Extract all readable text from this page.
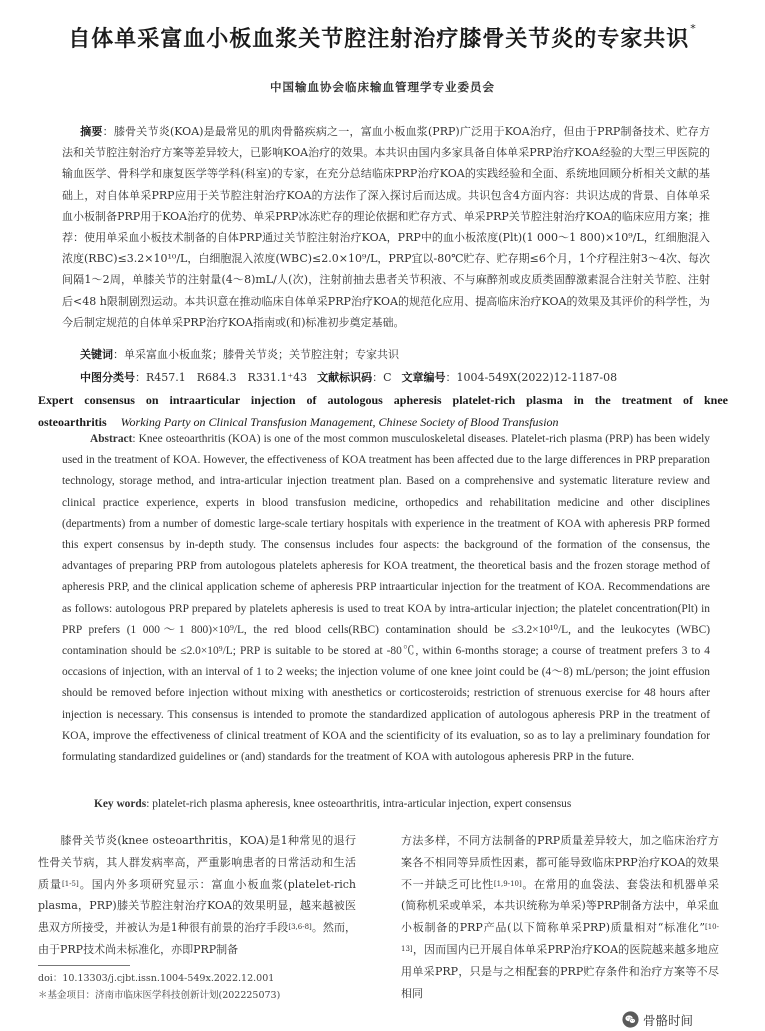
自体单采富血小板血浆关节腔注射治疗膝骨关节炎的专家共识*
中国输血协会临床输血管理学专业委员会
摘要：膝骨关节炎(KOA)是最常见的肌肉骨骼疾病之一，富血小板血浆(PRP)广泛用于KOA治疗，但由于PRP制备技术、贮存方法和关节腔注射治疗方案等差异较大，已影响KOA治疗的效果。本共识由国内多家具备自体单采PRP治疗KOA经验的大型三甲医院的输血医学、骨科学和康复医学等学科(科室)的专家，在充分总结临床PRP治疗KOA的实践经验和全面、系统地回顾分析相关文献的基础上，对自体单采PRP应用于关节腔注射治疗KOA的方法作了深入探讨后而达成。共识包含4方面内容：共识达成的背景、自体单采血小板制备PRP用于KOA治疗的优势、单采PRP冰冻贮存的理论依据和贮存方式、单采PRP关节腔注射治疗KOA的临床应用方案；推荐：使用单采血小板技术制备的自体PRP通过关节腔注射治疗KOA，PRP中的血小板浓度(Plt)(1 000～1 800)×10⁹/L，红细胞混入浓度(RBC)≤3.2×10¹⁰/L，白细胞混入浓度(WBC)≤2.0×10⁹/L，PRP宜以-80℃贮存、贮存期≤6个月，1个疗程注射3～4次、每次间隔1～2周，单膝关节的注射量(4～8)mL/人(次)，注射前抽去患者关节积液、不与麻醉剂或皮质类固醇激素混合注射关节腔、注射后<48 h限制剧烈运动。本共识意在推动临床自体单采PRP治疗KOA的规范化应用、提高临床治疗KOA的效果及其评价的科学性，为今后制定规范的自体单采PRP治疗KOA指南或(和)标准初步奠定基础。
关键词：单采富血小板血浆；膝骨关节炎；关节腔注射；专家共识
中图分类号：R457.1　R684.3　R331.1⁺43 文献标识码：C 文章编号：1004-549X(2022)12-1187-08
Expert consensus on intraarticular injection of autologous apheresis platelet-rich plasma in the treatment of knee osteoarthritis Working Party on Clinical Transfusion Management, Chinese Society of Blood Transfusion
Abstract: Knee osteoarthritis (KOA) is one of the most common musculoskeletal diseases. Platelet-rich plasma (PRP) has been widely used in the treatment of KOA. However, the effectiveness of KOA treatment has been affected due to the large differences in PRP preparation technology, storage method, and intra-articular injection treatment plan. Based on a comprehensive and systematic literature review and clinical practice experience, experts in blood transfusion medicine, orthopedics and rehabilitation medicine and other disciplines (departments) from a number of domestic large-scale tertiary hospitals with experience in the treatment of KOA with apheresis PRP formed this expert consensus by in-depth study. The consensus includes four aspects: the background of the formation of the consensus, the advantages of preparing PRP from autologous platelets apheresis for KOA treatment, the theoretical basis and the frozen storage method of apheresis PRP, and the clinical application scheme of apheresis PRP intraarticular injection for the treatment of KOA. Recommendations are as follows: autologous PRP prepared by platelets apheresis is used to treat KOA by intra-articular injection; the platelet concentration(Plt) in PRP prefers (1 000～1 800)×10⁹/L, the red blood cells(RBC) contamination should be ≤3.2×10¹⁰/L, and the leukocytes (WBC) contamination should be ≤2.0×10⁹/L; PRP is suitable to be stored at -80℃, within 6-months storage; a course of treatment prefers 3 to 4 occasions of injection, with an interval of 1 to 2 weeks; the injection volume of one knee joint could be (4～8) mL/person; the joint effusion should be removed before injection without mixing with anesthetics or corticosteroids; restriction of strenuous exercise for 48 hours after injection is necessary. This consensus is intended to promote the standardized application of autologous apheresis PRP in the treatment of KOA, improve the effectiveness of clinical treatment of KOA and the scientificity of its evaluation, so as to lay a preliminary foundation for formulating standardized guidelines or (and) standards for the treatment of KOA with autologous apheresis PRP in the future.
Key words: platelet-rich plasma apheresis, knee osteoarthritis, intra-articular injection, expert consensus
膝骨关节炎(knee osteoarthritis，KOA)是1种常见的退行性骨关节病，其人群发病率高，严重影响患者的日常活动和生活质量[1-5]。国内外多项研究显示：富血小板血浆(platelet-rich plasma，PRP)膝关节腔注射治疗KOA的效果明显，越来越被医患双方所接受，并被认为是1种很有前景的治疗手段[3,6-8]。然而，由于PRP技术尚未标准化，亦即PRP制备
方法多样，不同方法制备的PRP质量差异较大，加之临床治疗方案各不相同等异质性因素，都可能导致临床PRP治疗KOA的效果不一并缺乏可比性[1,9-10]。在常用的血袋法、套袋法和机器单采(简称机采或单采，本共识统称为单采)等PRP制备方法中，单采血小板制备的PRP产品(以下简称单采PRP)质量相对“标准化”[10-13]，因而国内已开展自体单采PRP治疗KOA的医院越来越多地应用单采PRP，只是与之相配套的PRP贮存条件和治疗方案等不尽相同
doi：10.13303/j.cjbt.issn.1004-549x.2022.12.001
＊基金项目：济南市临床医学科技创新计划(202225073)
骨骼时间
